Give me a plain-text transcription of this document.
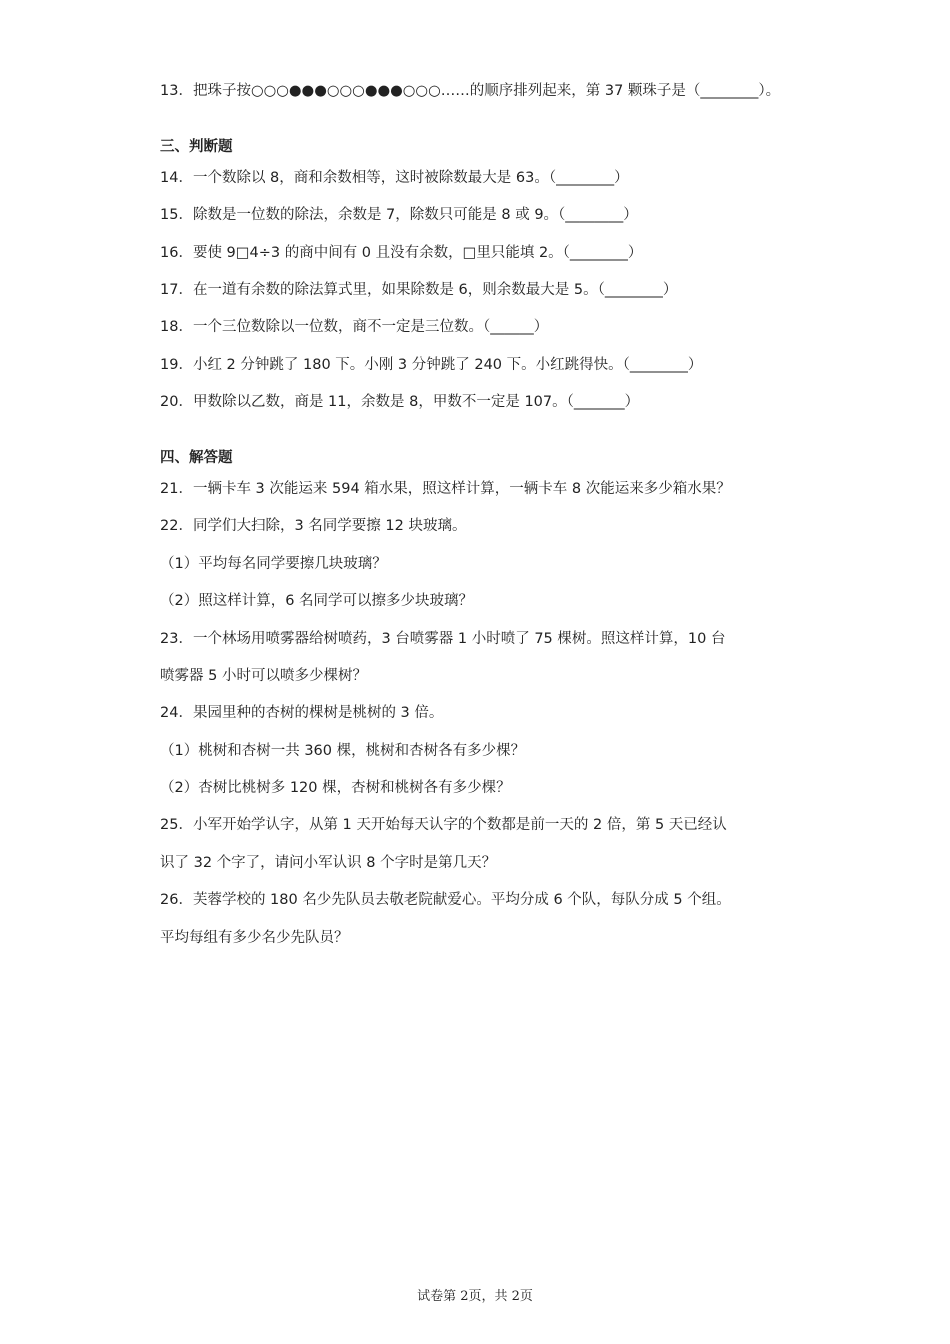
13．把珠子按○○○●●●○○○●●●○○○……的顺序排列起来，第 37 颗珠子是（________）。
三、判断题
14．一个数除以 8，商和余数相等，这时被除数最大是 63。（________）
15．除数是一位数的除法，余数是 7，除数只可能是 8 或 9。（________）
16．要使 9□4÷3 的商中间有 0 且没有余数，□里只能填 2。（________）
17．在一道有余数的除法算式里，如果除数是 6，则余数最大是 5。（________）
18．一个三位数除以一位数，商不一定是三位数。（______）
19．小红 2 分钟跳了 180 下。小刚 3 分钟跳了 240 下。小红跳得快。（________）
20．甲数除以乙数，商是 11，余数是 8，甲数不一定是 107。（_______）
四、解答题
21．一辆卡车 3 次能运来 594 箱水果，照这样计算，一辆卡车 8 次能运来多少箱水果？
22．同学们大扫除，3 名同学要擦 12 块玻璃。
（1）平均每名同学要擦几块玻璃？
（2）照这样计算，6 名同学可以擦多少块玻璃？
23．一个林场用喷雾器给树喷药，3 台喷雾器 1 小时喷了 75 棵树。照这样计算，10 台
喷雾器 5 小时可以喷多少棵树？
24．果园里种的杏树的棵树是桃树的 3 倍。
（1）桃树和杏树一共 360 棵，桃树和杏树各有多少棵？
（2）杏树比桃树多 120 棵，杏树和桃树各有多少棵？
25．小军开始学认字，从第 1 天开始每天认字的个数都是前一天的 2 倍，第 5 天已经认
识了 32 个字了，请问小军认识 8 个字时是第几天？
26．芙蓉学校的 180 名少先队员去敬老院献爱心。平均分成 6 个队，每队分成 5 个组。
平均每组有多少名少先队员？
试卷第 2页，共 2页
